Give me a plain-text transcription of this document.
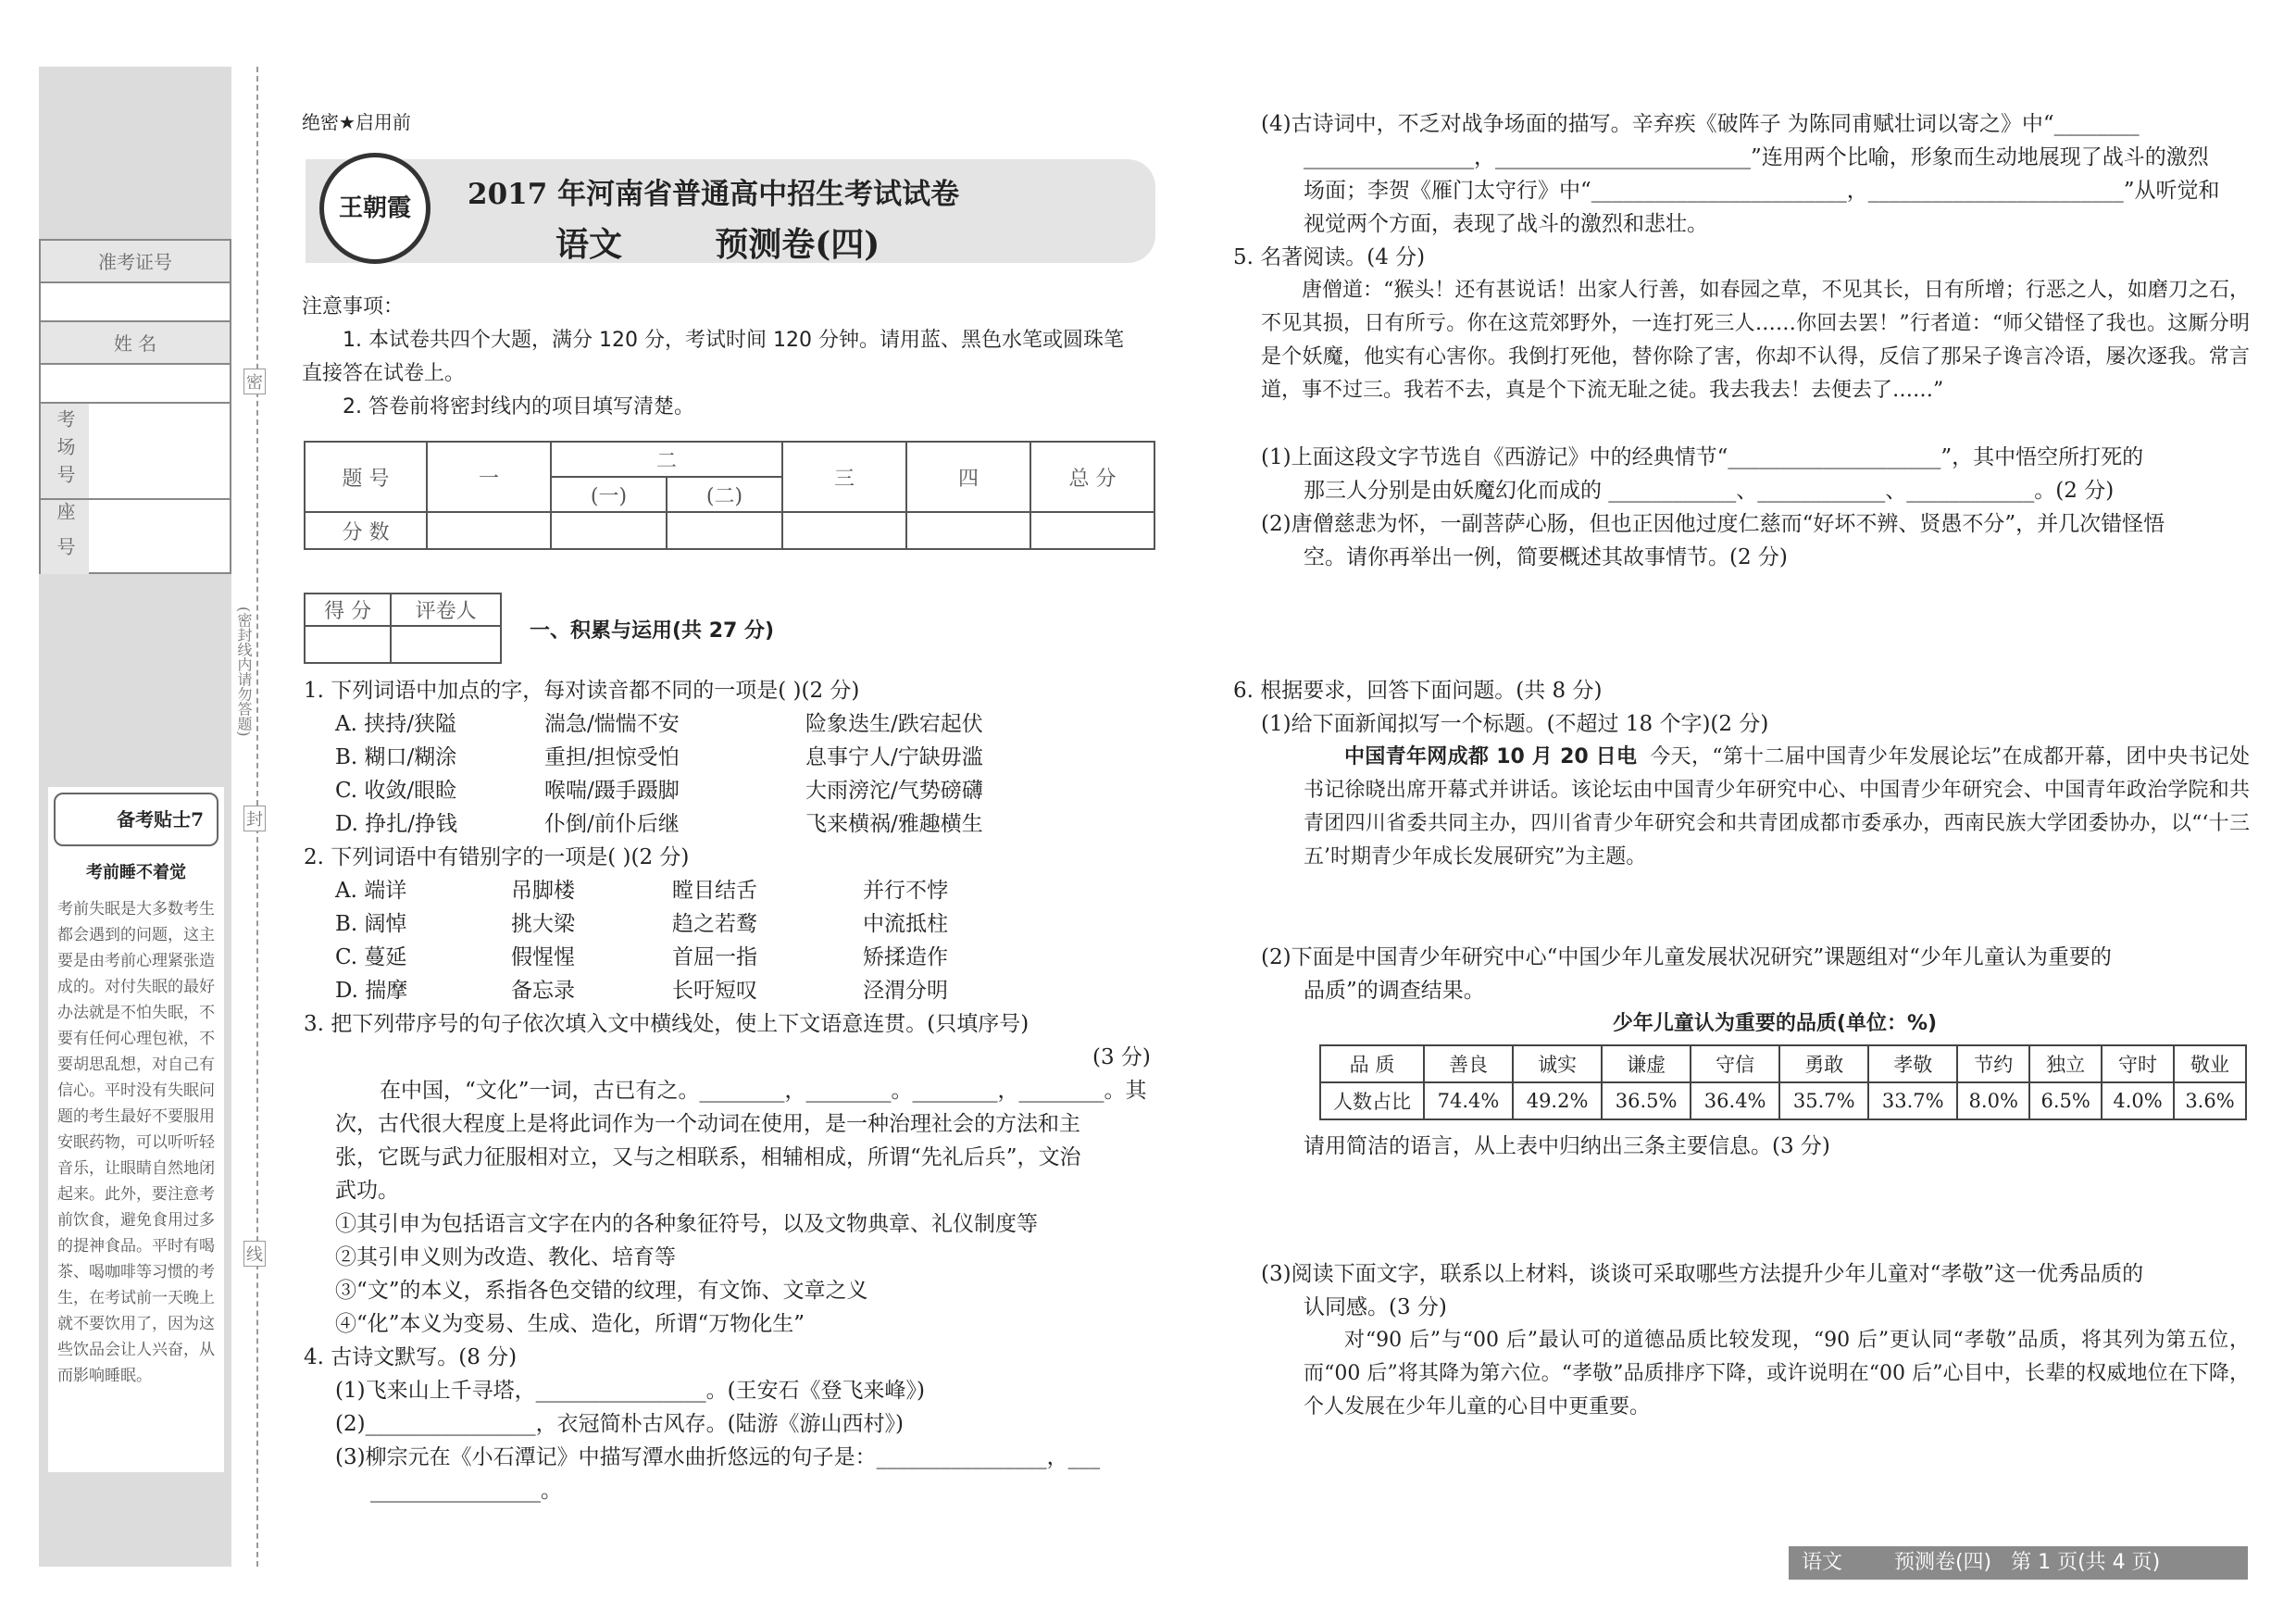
准考证号
姓 名
考场号
座号
密
封
线
(密封线内请勿答题)
备考贴士7
考前睡不着觉
考前失眠是大多数考生都会遇到的问题，这主要是由考前心理紧张造成的。对付失眠的最好办法就是不怕失眠，不要有任何心理包袱，不要胡思乱想，对自己有信心。平时没有失眠问题的考生最好不要服用安眠药物，可以听听轻音乐，让眼睛自然地闭起来。此外，要注意考前饮食，避免食用过多的提神食品。平时有喝茶、喝咖啡等习惯的考生，在考试前一天晚上就不要饮用了，因为这些饮品会让人兴奋，从而影响睡眠。
绝密★启用前
王朝霞	2017 年河南省普通高中招生考试试卷
语文        预测卷(四)
注意事项：
1. 本试卷共四个大题，满分 120 分，考试时间 120 分钟。请用蓝、黑色水笔或圆珠笔
直接答在试卷上。
2. 答卷前将密封线内的项目填写清楚。
题 号	一	二		三	四	总 分
		(一)	(二)			
分 数						
得 分	评卷人

一、积累与运用(共 27 分)
1. 下列词语中加点的字，每对读音都不同的一项是( )(2 分)
A. 挟持/狭隘	湍急/惴惴不安	险象迭生/跌宕起伏
B. 糊口/糊涂	重担/担惊受怕	息事宁人/宁缺毋滥
C. 收敛/眼睑	喉喘/蹑手蹑脚	大雨滂沱/气势磅礴
D. 挣扎/挣钱	仆倒/前仆后继	飞来横祸/雅趣横生
2. 下列词语中有错别字的一项是( )(2 分)
A. 端详	吊脚楼	瞠目结舌	并行不悖
B. 阔悼	挑大梁	趋之若鹜	中流抵柱
C. 蔓延	假惺惺	首屈一指	矫揉造作
D. 揣摩	备忘录	长吁短叹	泾渭分明
3. 把下列带序号的句子依次填入文中横线处，使上下文语意连贯。(只填序号)
(3 分)
在中国，“文化”一词，古已有之。________，________。________，________。其
次，古代很大程度上是将此词作为一个动词在使用，是一种治理社会的方法和主
张，它既与武力征服相对立，又与之相联系，相辅相成，所谓“先礼后兵”，文治
武功。
①其引申为包括语言文字在内的各种象征符号，以及文物典章、礼仪制度等
②其引申义则为改造、教化、培育等
③“文”的本义，系指各色交错的纹理，有文饰、文章之义
④“化”本义为变易、生成、造化，所谓“万物化生”
4. 古诗文默写。(8 分)
(1)飞来山上千寻塔，________________。(王安石《登飞来峰》)
(2)________________，衣冠简朴古风存。(陆游《游山西村》)
(3)柳宗元在《小石潭记》中描写潭水曲折悠远的句子是：________________，___
________________。
(4)古诗词中，不乏对战争场面的描写。辛弃疾《破阵子 为陈同甫赋壮词以寄之》中“________
________________，________________________”连用两个比喻，形象而生动地展现了战斗的激烈
场面；李贺《雁门太守行》中“________________________，________________________”从听觉和
视觉两个方面，表现了战斗的激烈和悲壮。
5. 名著阅读。(4 分)
唐僧道：“猴头！还有甚说话！出家人行善，如春园之草，不见其长，日有所增；行恶之人，如磨刀之石，不见其损，日有所亏。你在这荒郊野外，一连打死三人……你回去罢！”行者道：“师父错怪了我也。这厮分明是个妖魔，他实有心害你。我倒打死他，替你除了害，你却不认得，反信了那呆子谗言冷语，屡次逐我。常言道，事不过三。我若不去，真是个下流无耻之徒。我去我去！去便去了……”
(1)上面这段文字节选自《西游记》中的经典情节“____________________”，其中悟空所打死的
那三人分别是由妖魔幻化而成的 ____________、____________、____________。(2 分)
(2)唐僧慈悲为怀，一副菩萨心肠，但也正因他过度仁慈而“好坏不辨、贤愚不分”，并几次错怪悟
空。请你再举出一例，简要概述其故事情节。(2 分)
6. 根据要求，回答下面问题。(共 8 分)
(1)给下面新闻拟写一个标题。(不超过 18 个字)(2 分)
中国青年网成都 10 月 20 日电 今天，“第十二届中国青少年发展论坛”在成都开幕，团中央书记处书记徐晓出席开幕式并讲话。该论坛由中国青少年研究中心、中国青少年研究会、中国青年政治学院和共青团四川省委共同主办，四川省青少年研究会和共青团成都市委承办，西南民族大学团委协办，以“‘十三五’时期青少年成长发展研究”为主题。
(2)下面是中国青少年研究中心“中国少年儿童发展状况研究”课题组对“少年儿童认为重要的
品质”的调查结果。
少年儿童认为重要的品质(单位：%)
品 质	善良	诚实	谦虚	守信	勇敢	孝敬	节约	独立	守时	敬业
人数占比	74.4%	49.2%	36.5%	36.4%	35.7%	33.7%	8.0%	6.5%	4.0%	3.6%
请用简洁的语言，从上表中归纳出三条主要信息。(3 分)
(3)阅读下面文字，联系以上材料，谈谈可采取哪些方法提升少年儿童对“孝敬”这一优秀品质的
认同感。(3 分)
对“90 后”与“00 后”最认可的道德品质比较发现，“90 后”更认同“孝敬”品质，将其列为第五位，而“00 后”将其降为第六位。“孝敬”品质排序下降，或许说明在“00 后”心目中，长辈的权威地位在下降，个人发展在少年儿童的心目中更重要。
语文        预测卷(四)   第 1 页(共 4 页)
